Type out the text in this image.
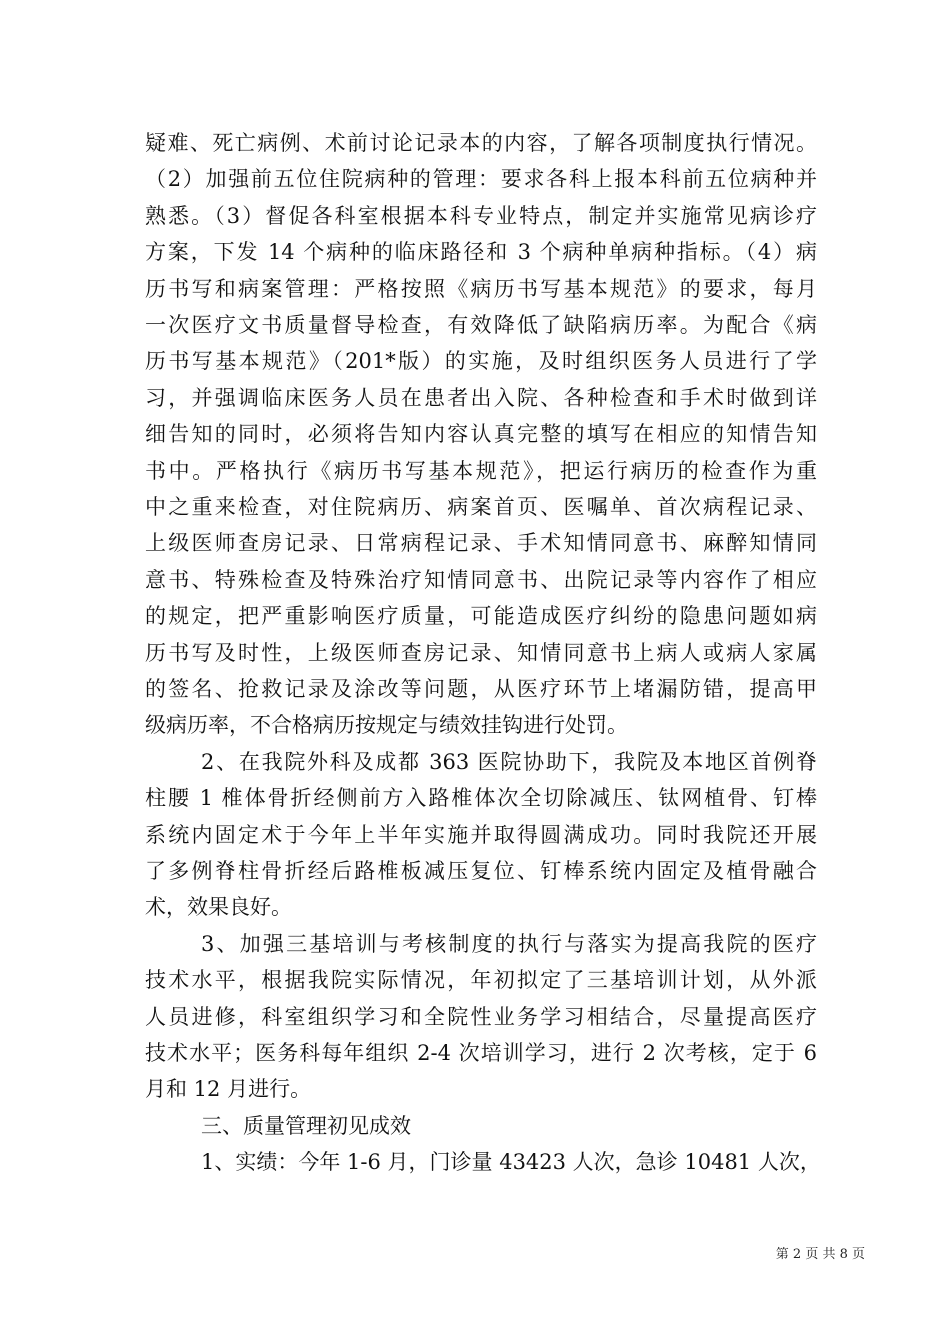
疑难、死亡病例、术前讨论记录本的内容，了解各项制度执行情况。
（2）加强前五位住院病种的管理：要求各科上报本科前五位病种并
熟悉。（3）督促各科室根据本科专业特点，制定并实施常见病诊疗
方案，下发 14 个病种的临床路径和 3 个病种单病种指标。（4）病
历书写和病案管理：严格按照《病历书写基本规范》的要求，每月
一次医疗文书质量督导检查，有效降低了缺陷病历率。为配合《病
历书写基本规范》（201*版）的实施，及时组织医务人员进行了学
习，并强调临床医务人员在患者出入院、各种检查和手术时做到详
细告知的同时，必须将告知内容认真完整的填写在相应的知情告知
书中。严格执行《病历书写基本规范》，把运行病历的检查作为重
中之重来检查，对住院病历、病案首页、医嘱单、首次病程记录、
上级医师查房记录、日常病程记录、手术知情同意书、麻醉知情同
意书、特殊检查及特殊治疗知情同意书、出院记录等内容作了相应
的规定，把严重影响医疗质量，可能造成医疗纠纷的隐患问题如病
历书写及时性，上级医师查房记录、知情同意书上病人或病人家属
的签名、抢救记录及涂改等问题，从医疗环节上堵漏防错，提高甲
级病历率，不合格病历按规定与绩效挂钩进行处罚。
2、在我院外科及成都 363 医院协助下，我院及本地区首例脊
柱腰 1 椎体骨折经侧前方入路椎体次全切除减压、钛网植骨、钉棒
系统内固定术于今年上半年实施并取得圆满成功。同时我院还开展
了多例脊柱骨折经后路椎板减压复位、钉棒系统内固定及植骨融合
术，效果良好。
3、加强三基培训与考核制度的执行与落实为提高我院的医疗
技术水平，根据我院实际情况，年初拟定了三基培训计划，从外派
人员进修，科室组织学习和全院性业务学习相结合，尽量提高医疗
技术水平；医务科每年组织 2-4 次培训学习，进行 2 次考核，定于 6
月和 12 月进行。
三、质量管理初见成效
1、实绩：今年 1-6 月，门诊量 43423 人次，急诊 10481 人次，
第 2 页 共 8 页
